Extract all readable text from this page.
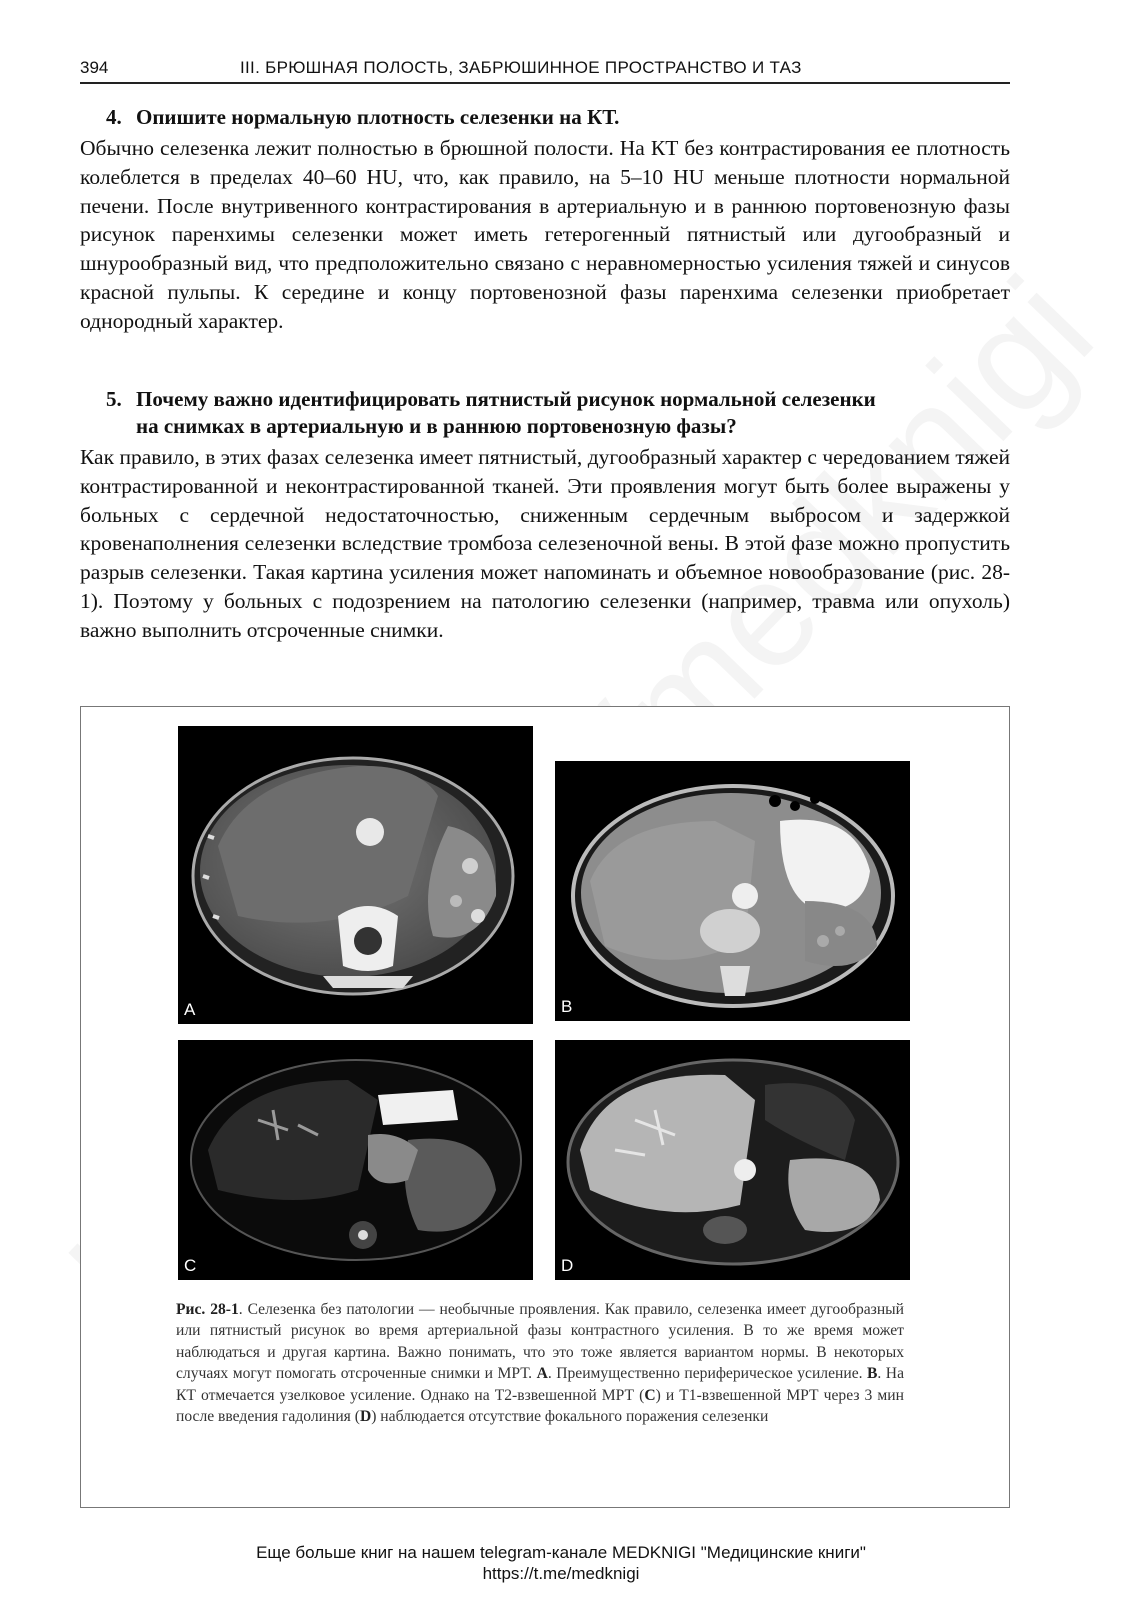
394	III. БРЮШНАЯ ПОЛОСТЬ, ЗАБРЮШИННОЕ ПРОСТРАНСТВО И ТАЗ
4. Опишите нормальную плотность селезенки на КТ.

Обычно селезенка лежит полностью в брюшной полости. На КТ без контрастирования ее плотность колеблется в пределах 40–60 HU, что, как правило, на 5–10 HU меньше плотности нормальной печени. После внутривенного контрастирования в артериальную и в раннюю портовенозную фазы рисунок паренхимы селезенки может иметь гетерогенный пятнистый или дугообразный и шнурообразный вид, что предположительно связано с неравномерностью усиления тяжей и синусов красной пульпы. К середине и концу портовенозной фазы паренхима селезенки приобретает однородный характер.

5. Почему важно идентифицировать пятнистый рисунок нормальной селезенки
на снимках в артериальную и в раннюю портовенозную фазы?

Как правило, в этих фазах селезенка имеет пятнистый, дугообразный характер с чередованием тяжей контрастированной и неконтрастированной тканей. Эти проявления могут быть более выражены у больных с сердечной недостаточностью, сниженным сердечным выбросом и задержкой кровенаполнения селезенки вследствие тромбоза селезеночной вены. В этой фазе можно пропустить разрыв селезенки. Такая картина усиления может напоминать и объемное новообразование (рис. 28-1). Поэтому у больных с подозрением на патологию селезенки (например, травма или опухоль) важно выполнить отсроченные снимки.

A	B
C	D
Рис. 28-1. Селезенка без патологии — необычные проявления. Как правило, селезенка имеет дугообразный или пятнистый рисунок во время артериальной фазы контрастного усиления. В то же время может наблюдаться и другая картина. Важно понимать, что это тоже является вариантом нормы. В некоторых случаях могут помогать отсроченные снимки и МРТ. A. Преимущественно периферическое усиление. B. На КТ отмечается узелковое усиление. Однако на Т2-взвешенной МРТ (C) и Т1-взвешенной МРТ через 3 мин после введения гадолиния (D) наблюдается отсутствие фокального поражения селезенки
Еще больше книг на нашем telegram-канале MEDKNIGI "Медицинские книги"
https://t.me/medknigi
